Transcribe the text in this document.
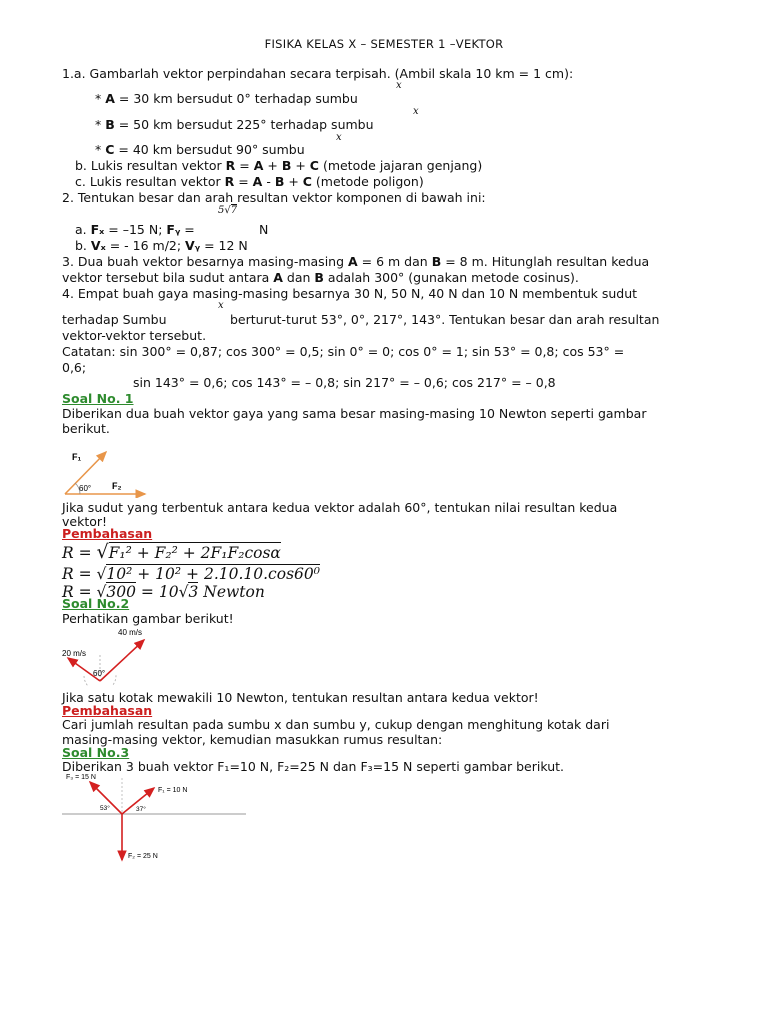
FISIKA KELAS X – SEMESTER 1 –VEKTOR
1.a. Gambarlah vektor perpindahan secara terpisah. (Ambil skala 10 km = 1 cm):
x
* A = 30 km bersudut 0° terhadap sumbu
x
* B = 50 km bersudut 225° terhadap sumbu
x
* C = 40 km bersudut 90° sumbu
b. Lukis resultan vektor R = A + B + C (metode jajaran genjang)
c. Lukis resultan vektor R = A - B + C (metode poligon)
2. Tentukan besar dan arah resultan vektor komponen di bawah ini:
5√7
a. Fₓ = –15 N; Fᵧ =	N
b. Vₓ = - 16 m/2; Vᵧ = 12 N
3. Dua buah vektor besarnya masing-masing A = 6 m dan B = 8 m. Hitunglah resultan kedua
vektor tersebut bila sudut antara A dan B adalah 300° (gunakan metode cosinus).
4. Empat buah gaya masing-masing besarnya 30 N, 50 N, 40 N dan 10 N membentuk sudut
x
terhadap Sumbu	berturut-turut 53°, 0°, 217°, 143°. Tentukan besar dan arah resultan
vektor-vektor tersebut.
Catatan: sin 300° = 0,87; cos 300° = 0,5; sin 0° = 0; cos 0° = 1; sin 53° = 0,8; cos 53° =
0,6;
sin 143° = 0,6; cos 143° = – 0,8; sin 217° = – 0,6; cos 217° = – 0,8
Soal No. 1
Diberikan dua buah vektor gaya yang sama besar masing-masing 10 Newton seperti gambar
berikut.
F₁
F₂
60°
Jika sudut yang terbentuk antara kedua vektor adalah 60°, tentukan nilai resultan kedua
vektor!
Pembahasan
R = √F₁² + F₂² + 2F₁F₂cosα
R = √10² + 10² + 2.10.10.cos60⁰
R = √300 = 10√3 Newton
Soal No.2
Perhatikan gambar berikut!
40 m/s
20 m/s
60°
Jika satu kotak mewakili 10 Newton, tentukan resultan antara kedua vektor!
Pembahasan
Cari jumlah resultan pada sumbu x dan sumbu y, cukup dengan menghitung kotak dari
masing-masing vektor, kemudian masukkan rumus resultan:
Soal No.3
Diberikan 3 buah vektor F₁=10 N, F₂=25 N dan F₃=15 N seperti gambar berikut.
F₃ = 15 N
F₁ = 10 N
F₂ = 25 N
53°	37°
